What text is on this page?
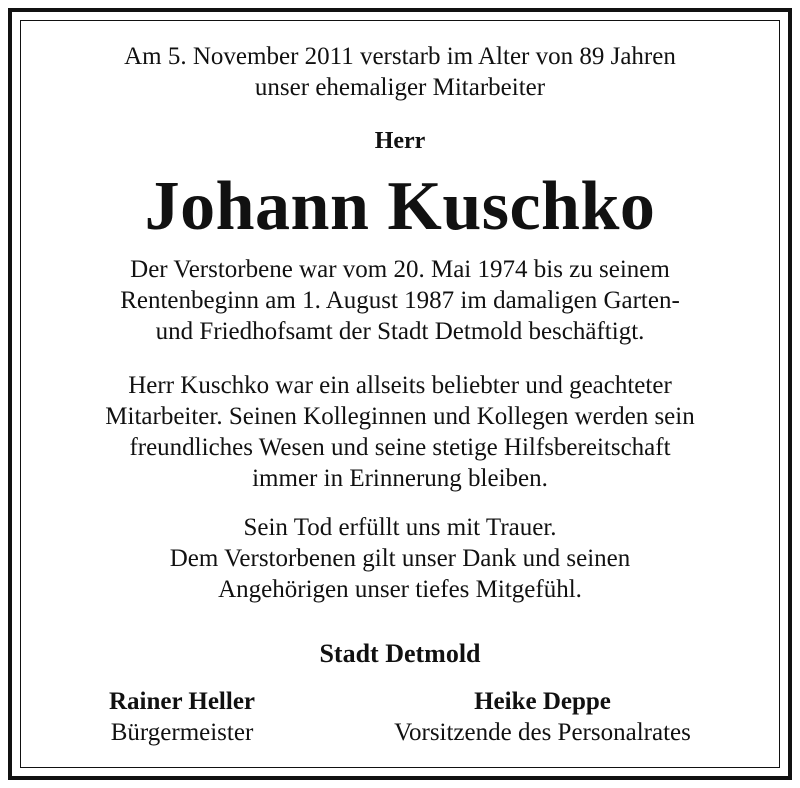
Am 5. November 2011 verstarb im Alter von 89 Jahren
unser ehemaliger Mitarbeiter
Herr
Johann Kuschko
Der Verstorbene war vom 20. Mai 1974 bis zu seinem
Rentenbeginn am 1. August 1987 im damaligen Garten-
und Friedhofsamt der Stadt Detmold beschäftigt.
Herr Kuschko war ein allseits beliebter und geachteter
Mitarbeiter. Seinen Kolleginnen und Kollegen werden sein
freundliches Wesen und seine stetige Hilfsbereitschaft
immer in Erinnerung bleiben.
Sein Tod erfüllt uns mit Trauer.
Dem Verstorbenen gilt unser Dank und seinen
Angehörigen unser tiefes Mitgefühl.
Stadt Detmold
Rainer Heller
Bürgermeister
Heike Deppe
Vorsitzende des Personalrates
